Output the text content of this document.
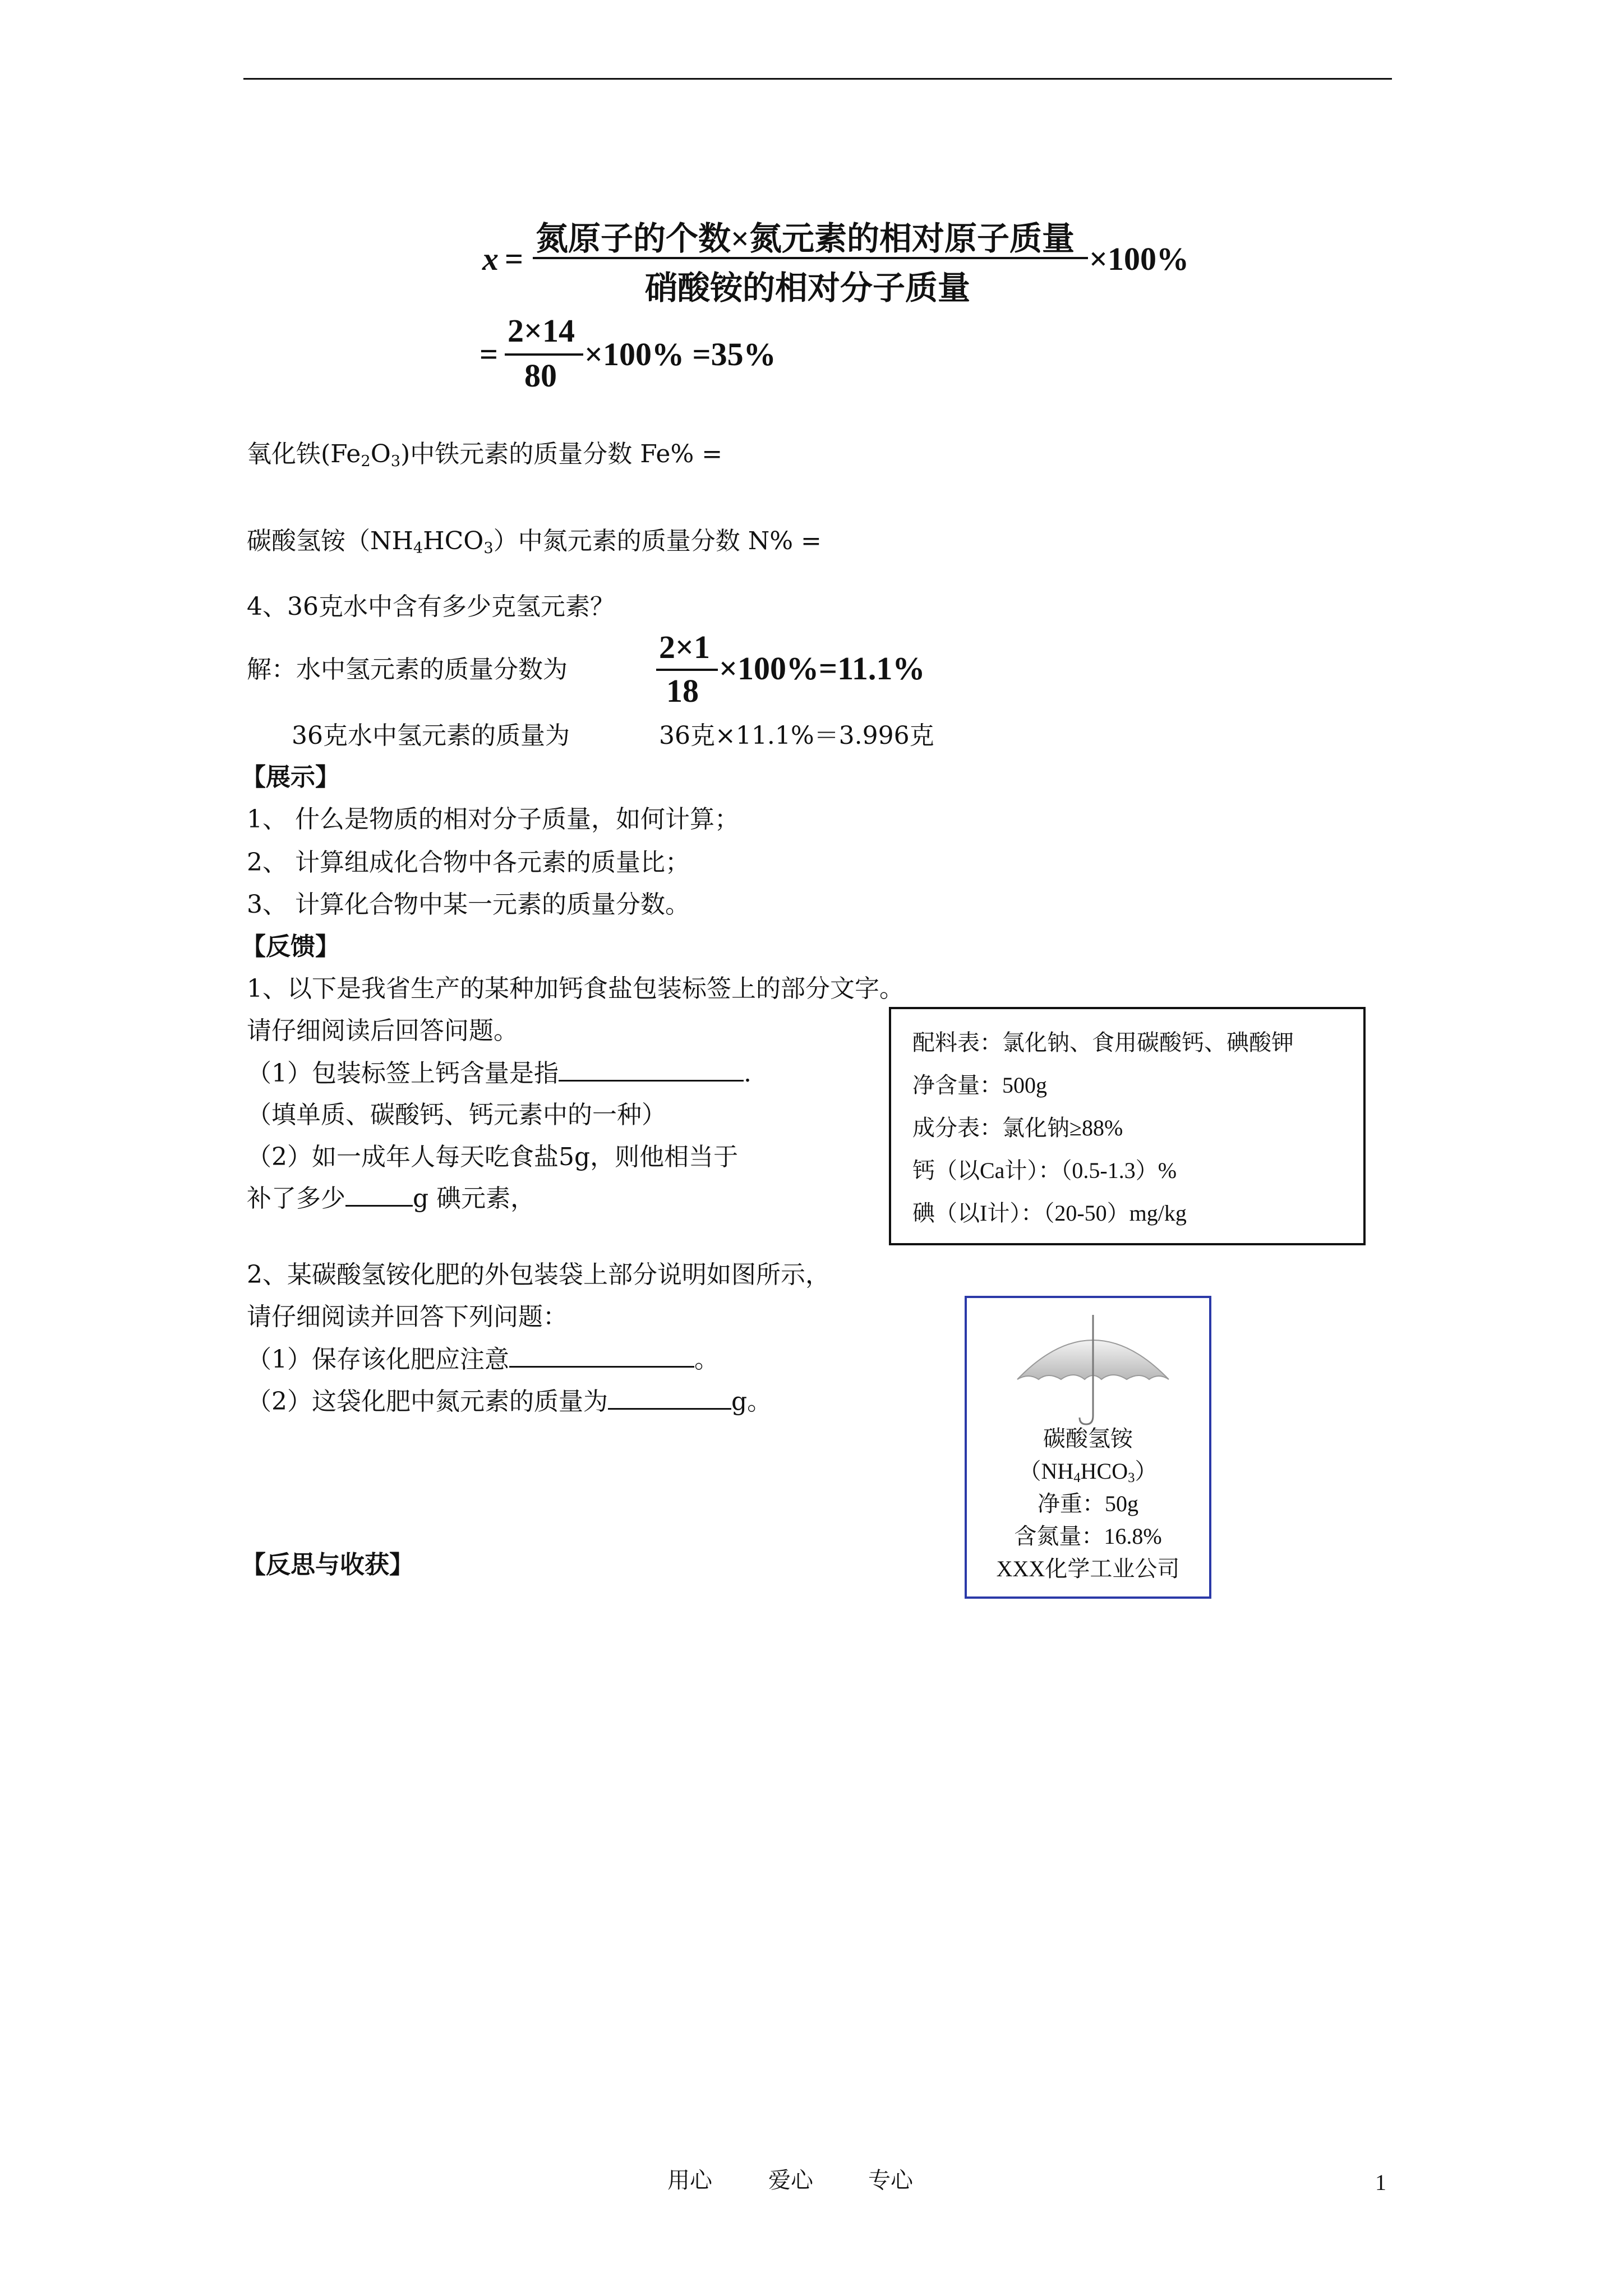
x =
氮原子的个数×氮元素的相对原子质量
硝酸铵的相对分子质量
×100%
=
2×14
80
×100% =35%
氧化铁$(Fe_2O_3)$中铁元素的质量分数 Fe% =
碳酸氢铵$(NH_4HCO_3)$中氮元素的质量分数 N% =
4、36克水中含有多少克氢元素？
解：水中氢元素的质量分数为
2×1
18
×100%=11.1%
36克水中氢元素的质量为	36克×11.1%＝3.996克
【展示】
1、 什么是物质的相对分子质量，如何计算；
2、 计算组成化合物中各元素的质量比；
3、 计算化合物中某一元素的质量分数。
【反馈】
1、以下是我省生产的某种加钙食盐包装标签上的部分文字。
请仔细阅读后回答问题。
（1）包装标签上钙含量是指	.
（填单质、碳酸钙、钙元素中的一种）
（2）如一成年人每天吃食盐5g，则他相当于
补了多少	g 碘元素，
配料表：氯化钠、食用碳酸钙、碘酸钾
净含量：500g
成分表：氯化钠≥88%
钙（以Ca计）：（0.5-1.3）%
碘（以I计）：（20-50）mg/kg
2、某碳酸氢铵化肥的外包装袋上部分说明如图所示，
请仔细阅读并回答下列问题：
（1）保存该化肥应注意	。
（2）这袋化肥中氮元素的质量为	g。
碳酸氢铵
$(NH_4HCO_3)$
净重：50g
含氮量：16.8%
XXX化学工业公司
【反思与收获】
用心	爱心 专心	1
